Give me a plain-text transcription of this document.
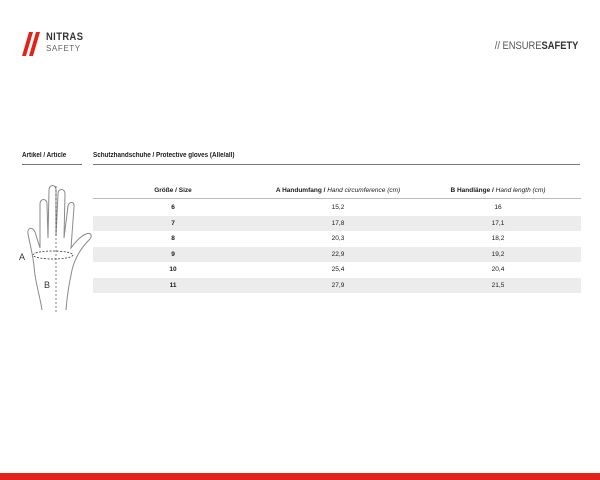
NITRAS
SAFETY	// ENSURESAFETY
Artikel / Article	Schutzhandschuhe / Protective gloves (Alle/all)
A
B
Größe / Size	A Handumfang / Hand circumference (cm)	B Handlänge / Hand length (cm)
6	15,2	16
7	17,8	17,1
8	20,3	18,2
9	22,9	19,2
10	25,4	20,4
11	27,9	21,5
